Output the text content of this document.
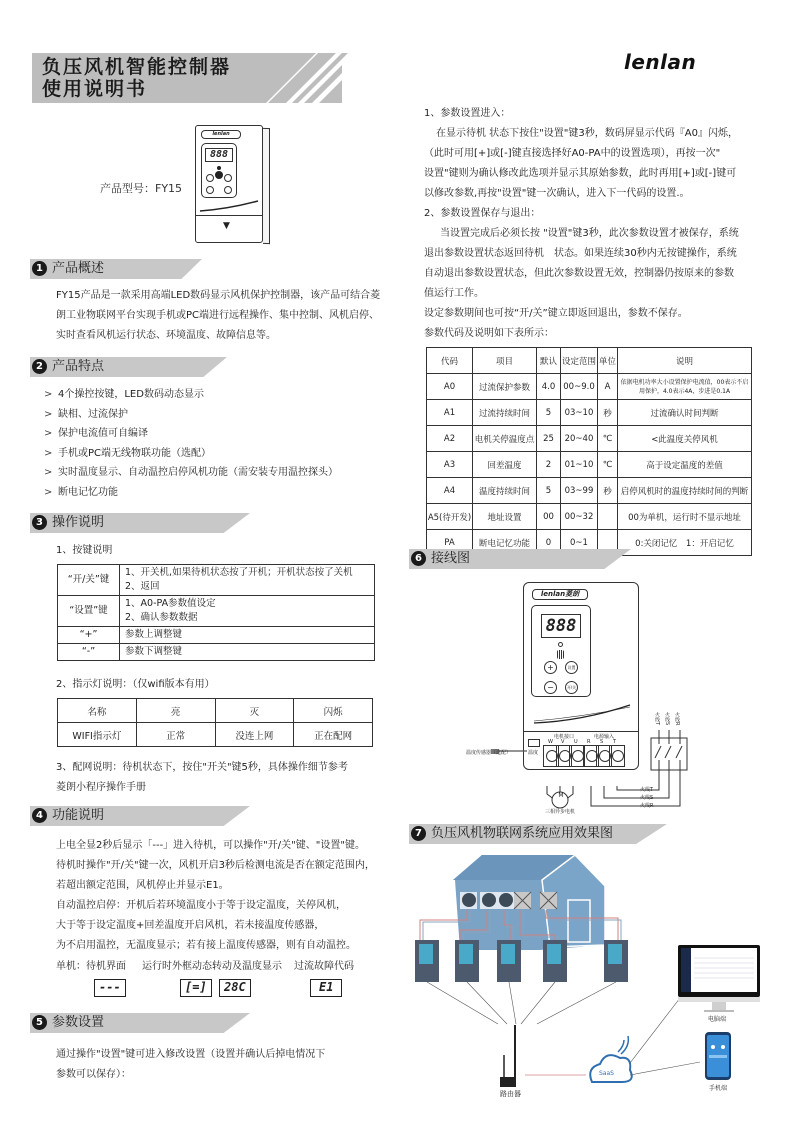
负压风机智能控制器
使用说明书
lenlan
产品型号：FY15
lenlan
888
▼
1 产品概述
FY15产品是一款采用高端LED数码显示风机保护控制器，该产品可结合菱朗工业物联网平台实现手机或PC端进行远程操作、集中控制、风机启停、实时查看风机运行状态、环境温度、故障信息等。
2 产品特点
> 4个操控按键，LED数码动态显示
> 缺相、过流保护
> 保护电流值可自编译
> 手机或PC端无线物联功能（选配）
> 实时温度显示、自动温控启停风机功能（需安装专用温控探头）
> 断电记忆功能
3 操作说明
1、按键说明
“开/关”键	1、开关机,如果待机状态按了开机；开机状态按了关机
2、返回

“设置”键	1、A0-PA参数值设定
2、确认参数数据

“+”	参数上调整键
“-”	参数下调整键
2、指示灯说明：（仅wifi版本有用）
名称	亮	灭	闪烁
WIFI指示灯	正常	没连上网	正在配网
3、配网说明：待机状态下，按住"开关"键5秒，具体操作细节参考
菱朗小程序操作手册
4 功能说明
上电全显2秒后显示「---」进入待机，可以操作"开/关"键、"设置"键。
待机时操作"开/关"键一次，风机开启3秒后检测电流是否在额定范围内，
若超出额定范围，风机停止并显示E1。
自动温控启停：开机后若环境温度小于等于设定温度，关停风机，
大于等于设定温度+回差温度开启风机，若未接温度传感器，
为不启用温控，无温度显示；若有接上温度传感器，则有自动温控。
单机：待机界面 运行时外框动态转动及温度显示 过流故障代码
---	[=]	28C	E1
5 参数设置
通过操作"设置"键可进入修改设置（设置并确认后掉电情况下
参数可以保存）：
1、参数设置进入：
在显示待机 状态下按住"设置"键3秒，数码屏显示代码『A0』闪烁，
（此时可用[+]或[-]键直接选择好A0-PA中的设置选项），再按一次"
设置"键则为确认修改此选项并显示其原始参数，此时再用[+]或[-]键可
以修改参数,再按"设置"键一次确认，进入下一代码的设置.。
2、参数设置保存与退出：
当设置完成后必须长按 "设置"键3秒，此次参数设置才被保存，系统
退出参数设置状态返回待机　状态。如果连续30秒内无按键操作，系统
自动退出参数设置状态，但此次参数设置无效，控制器仍按原来的参数
值运行工作。
设定参数期间也可按“开/关”键立即返回退出，参数不保存。
参数代码及说明如下表所示：
代码	项目	默认	设定范围	单位	说明
A0	过流保护参数	4.0	00~9.0	A	依据电机功率大小设置保护电流值，00表示不启用保护，4.0表示4A，步进是0.1A
A1	过流持续时间	5	03~10	秒	过流确认时间判断
A2	电机关停温度点	25	20~40	℃	<此温度关停风机
A3	回差温度	2	01~10	℃	高于设定温度的差值
A4	温度持续时间	5	03~99	秒	启停风机时的温度持续时间的判断
A5(待开发)	地址设置	00	00~32		00为单机，运行时不显示地址
PA	断电记忆功能	0	0~1		0:关闭记忆　1：开启记忆
6 接线图
lenlan菱朗
888
+	设置
−	开/关
电机接口	电源输入
W V U R S T
温度
M
三相异步电机
温度传感器（选配）
火线T 火线S 火线R
火线T
火线S
火线R
7 负压风机物联网系统应用效果图
路由器
SaaS
电脑端
手机端
